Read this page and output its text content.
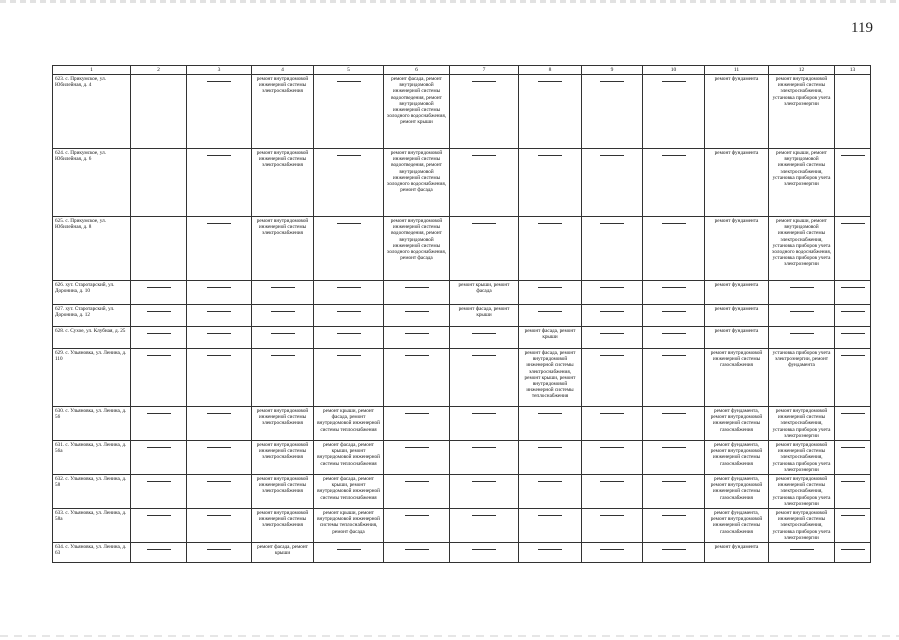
119
1	2	3	4	5	6	7	8	9	10	11	12	13
623. с. Прикумское, ул. Юбилейная, д. 4			ремонт внутридомовой инженерной системы электроснабжения		ремонт фасада, ремонт внутридомовой инженерной системы водоотведения, ремонт внутридомовой инженерной системы холодного водоснабжения, ремонт крыши					ремонт фундамента	ремонт внутридомовой инженерной системы электроснабжения, установка приборов учета электроэнергии	
624. с. Прикумское, ул. Юбилейная, д. 6			ремонт внутридомовой инженерной системы электроснабжения		ремонт внутридомовой инженерной системы водоотведения, ремонт внутридомовой инженерной системы холодного водоснабжения, ремонт фасада					ремонт фундамента	ремонт крыши, ремонт внутридомовой инженерной системы электроснабжения, установка приборов учета электроэнергии	
625. с. Прикумское, ул. Юбилейная, д. 8			ремонт внутридомовой инженерной системы электроснабжения		ремонт внутридомовой инженерной системы водоотведения, ремонт внутридомовой инженерной системы холодного водоснабжения, ремонт фасада					ремонт фундамента	ремонт крыши, ремонт внутридомовой инженерной системы электроснабжения, установка приборов учета холодного водоснабжения, установка приборов учета электроэнергии	
626. хут. Старотарский, ул. Доронина, д. 10						ремонт крыши, ремонт фасада				ремонт фундамента		
627. хут. Старотарский, ул. Доронина, д. 12						ремонт фасада, ремонт крыши				ремонт фундамента		
628. с. Сухое, ул. Клубная, д. 25							ремонт фасада, ремонт крыши			ремонт фундамента		
629. с. Ульяновка, ул. Ленина, д. 110							ремонт фасада, ремонт внутридомовой инженерной системы электроснабжения, ремонт крыши, ремонт внутридомовой инженерной системы теплоснабжения			ремонт внутридомовой инженерной системы газоснабжения	установка приборов учета электроэнергии, ремонт фундамента	
630. с. Ульяновка, ул. Ленина, д. 56			ремонт внутридомовой инженерной системы электроснабжения	ремонт крыши, ремонт фасада, ремонт внутридомовой инженерной системы теплоснабжения						ремонт фундамента, ремонт внутридомовой инженерной системы газоснабжения	ремонт внутридомовой инженерной системы электроснабжения, установка приборов учета электроэнергии	
631. с. Ульяновка, ул. Ленина, д. 56а			ремонт внутридомовой инженерной системы электроснабжения	ремонт фасада, ремонт крыши, ремонт внутридомовой инженерной системы теплоснабжения						ремонт фундамента, ремонт внутридомовой инженерной системы газоснабжения	ремонт внутридомовой инженерной системы электроснабжения, установка приборов учета электроэнергии	
632. с. Ульяновка, ул. Ленина, д. 58			ремонт внутридомовой инженерной системы электроснабжения	ремонт фасада, ремонт крыши, ремонт внутридомовой инженерной системы теплоснабжения						ремонт фундамента, ремонт внутридомовой инженерной системы газоснабжения	ремонт внутридомовой инженерной системы электроснабжения, установка приборов учета электроэнергии	
633. с. Ульяновка, ул. Ленина, д. 58а			ремонт внутридомовой инженерной системы электроснабжения	ремонт крыши, ремонт внутридомовой инженерной системы теплоснабжения, ремонт фасада						ремонт фундамента, ремонт внутридомовой инженерной системы газоснабжения	ремонт внутридомовой инженерной системы электроснабжения, установка приборов учета электроэнергии	
634. с. Ульяновка, ул. Ленина, д. 63			ремонт фасада, ремонт крыши							ремонт фундамента		
